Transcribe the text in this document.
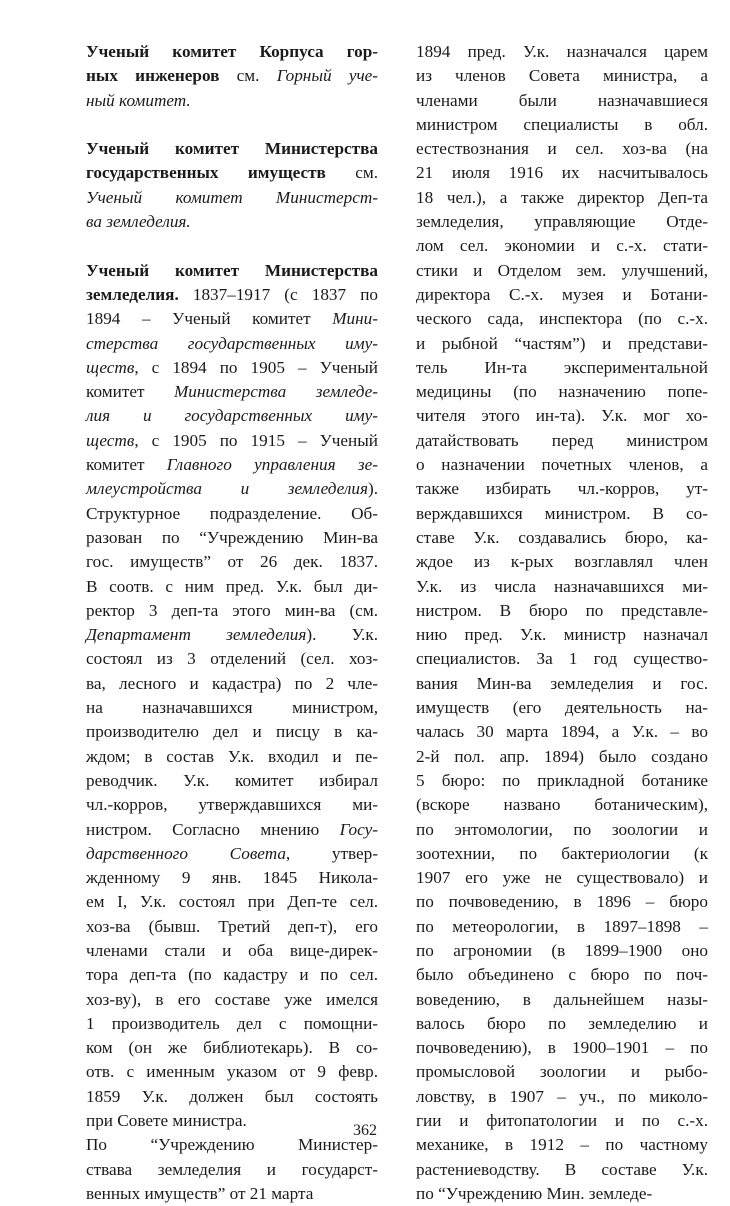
Ученый комитет Корпуса гор-
ных инженеров см. Горный уче-
ный комитет.
Ученый комитет Министерства
государственных имуществ см.
Ученый комитет Министерст-
ва земледелия.
Ученый комитет Министерства
земледелия. 1837–1917 (с 1837 по
1894 – Ученый комитет Мини-
стерства государственных иму-
ществ, с 1894 по 1905 – Ученый
комитет Министерства земледе-
лия и государственных иму-
ществ, с 1905 по 1915 – Ученый
комитет Главного управления зе-
млеустройства и земледелия).
Структурное подразделение. Об-
разован по “Учреждению Мин-ва
гос. имуществ” от 26 дек. 1837.
В соотв. с ним пред. У.к. был ди-
ректор 3 деп-та этого мин-ва (см.
Департамент земледелия). У.к.
состоял из 3 отделений (сел. хоз-
ва, лесного и кадастра) по 2 чле-
на назначавшихся министром,
производителю дел и писцу в ка-
ждом; в состав У.к. входил и пе-
реводчик. У.к. комитет избирал
чл.-корров, утверждавшихся ми-
нистром. Согласно мнению Госу-
дарственного Совета, утвер-
жденному 9 янв. 1845 Никола-
ем I, У.к. состоял при Деп-те сел.
хоз-ва (бывш. Третий деп-т), его
членами стали и оба вице-дирек-
тора деп-та (по кадастру и по сел.
хоз-ву), в его составе уже имелся
1 производитель дел с помощни-
ком (он же библиотекарь). В со-
отв. с именным указом от 9 февр.
1859 У.к. должен был состоять
при Совете министра.
По “Учреждению Министер-
ствава земледелия и государст-
венных имуществ” от 21 марта
1894 пред. У.к. назначался царем
из членов Совета министра, а
членами были назначавшиеся
министром специалисты в обл.
естествознания и сел. хоз-ва (на
21 июля 1916 их насчитывалось
18 чел.), а также директор Деп-та
земледелия, управляющие Отде-
лом сел. экономии и с.-х. стати-
стики и Отделом зем. улучшений,
директора С.-х. музея и Ботани-
ческого сада, инспектора (по с.-х.
и рыбной “частям”) и представи-
тель Ин-та экспериментальной
медицины (по назначению попе-
чителя этого ин-та). У.к. мог хо-
датайствовать перед министром
о назначении почетных членов, а
также избирать чл.-корров, ут-
верждавшихся министром. В со-
ставе У.к. создавались бюро, ка-
ждое из к-рых возглавлял член
У.к. из числа назначавшихся ми-
нистром. В бюро по представле-
нию пред. У.к. министр назначал
специалистов. За 1 год существо-
вания Мин-ва земледелия и гос.
имуществ (его деятельность на-
чалась 30 марта 1894, а У.к. – во
2-й пол. апр. 1894) было создано
5 бюро: по прикладной ботанике
(вскоре названо ботаническим),
по энтомологии, по зоологии и
зоотехнии, по бактериологии (к
1907 его уже не существовало) и
по почвоведению, в 1896 – бюро
по метеорологии, в 1897–1898 –
по агрономии (в 1899–1900 оно
было объединено с бюро по поч-
воведению, в дальнейшем назы-
валось бюро по земледелию и
почвоведению), в 1900–1901 – по
промысловой зоологии и рыбо-
ловству, в 1907 – уч., по миколо-
гии и фитопатологии и по с.-х.
механике, в 1912 – по частному
растениеводству. В составе У.к.
по “Учреждению Мин. земледе-
362
